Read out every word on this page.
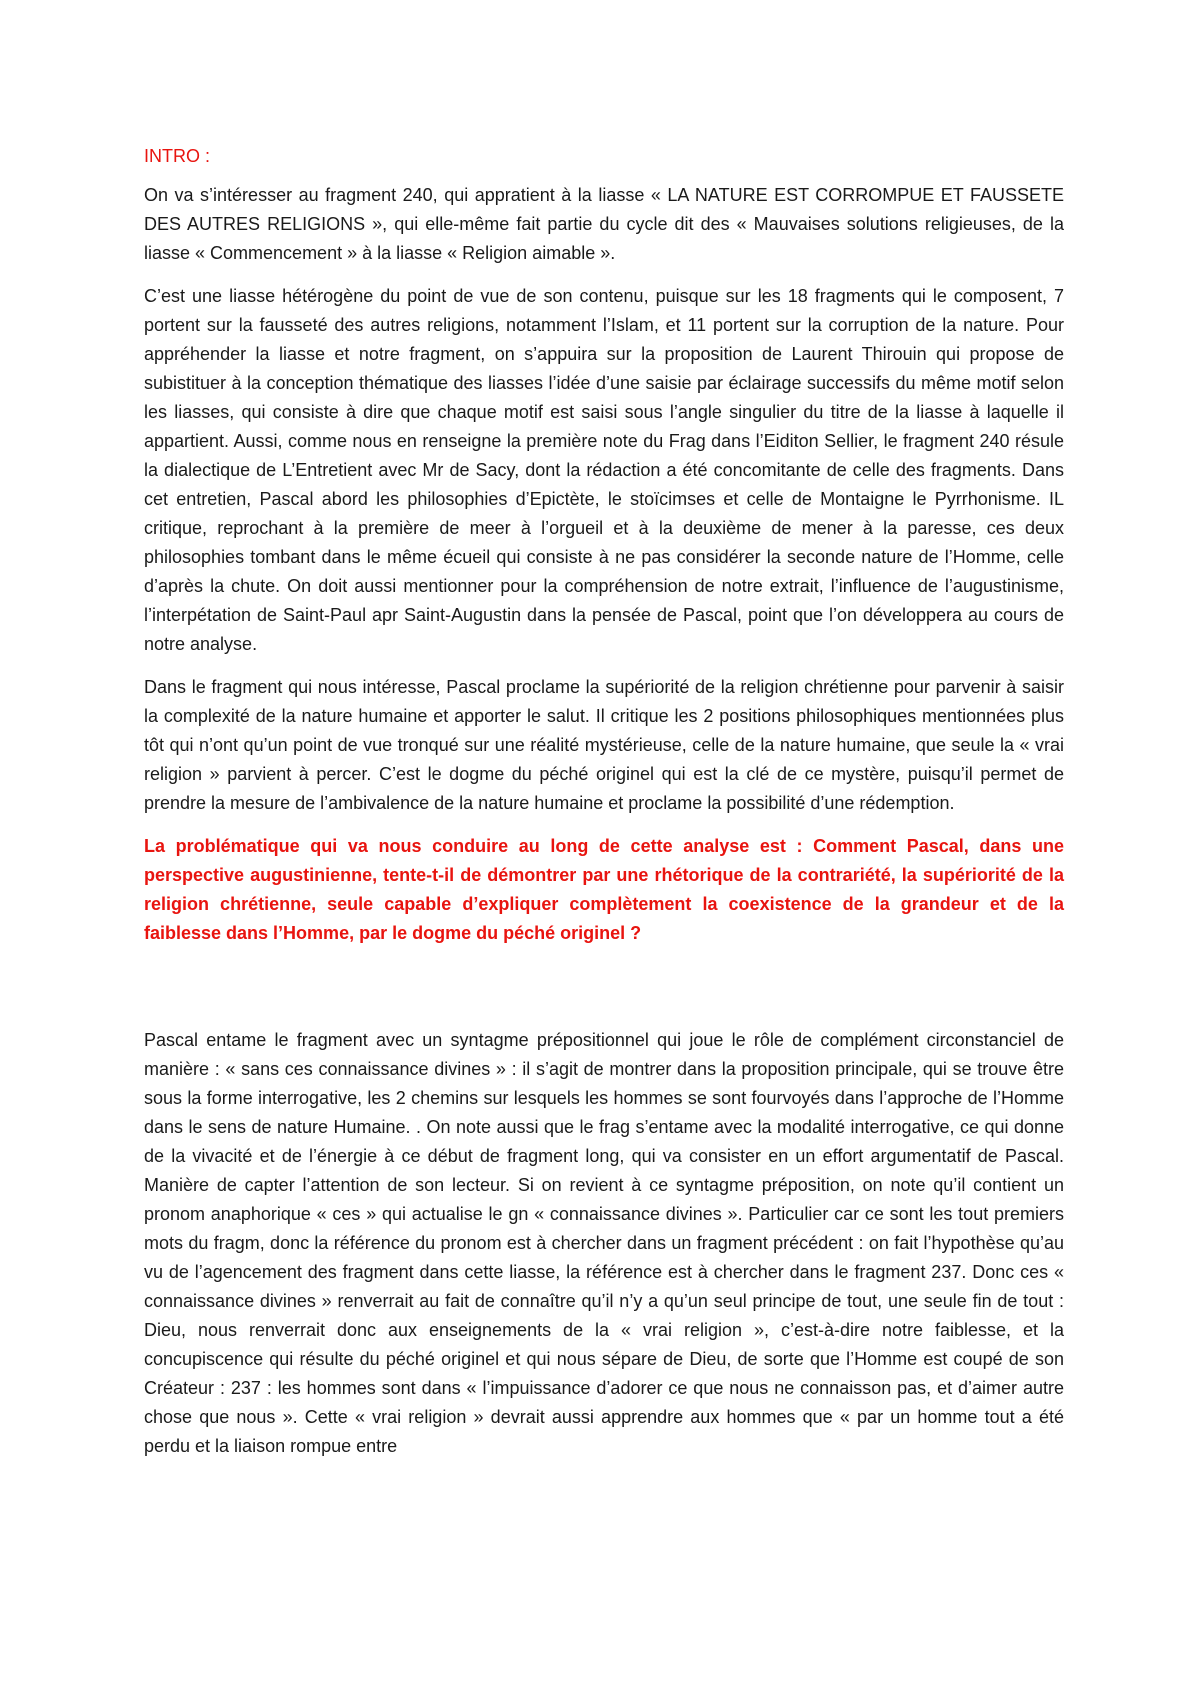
INTRO :

On va s’intéresser au fragment 240, qui appratient à la liasse « LA NATURE EST CORROMPUE ET FAUSSETE DES AUTRES RELIGIONS », qui elle-même fait partie du cycle dit des « Mauvaises solutions religieuses, de la liasse « Commencement » à la liasse « Religion aimable ».

C’est une liasse hétérogène du point de vue de son contenu, puisque sur les 18 fragments qui le composent, 7 portent sur la fausseté des autres religions, notamment l’Islam, et 11 portent sur la corruption de la nature. Pour appréhender la liasse et notre fragment, on s’appuira sur la proposition de Laurent Thirouin qui propose de subistituer à la conception thématique des liasses l’idée d’une saisie par éclairage successifs du même motif selon les liasses, qui consiste à dire que chaque motif est saisi sous l’angle singulier du titre de la liasse à laquelle il appartient. Aussi, comme nous en renseigne la première note du Frag dans l’Eiditon Sellier, le fragment 240 résule la dialectique de L’Entretient avec Mr de Sacy, dont la rédaction a été concomitante de celle des fragments. Dans cet entretien, Pascal abord les philosophies d’Epictète, le stoïcimses et celle de Montaigne le Pyrrhonisme. IL critique, reprochant à la première de meer à l’orgueil et à la deuxième de mener à la paresse, ces deux philosophies tombant dans le même écueil qui consiste à ne pas considérer la seconde nature de l’Homme, celle d’après la chute. On doit aussi mentionner pour la compréhension de notre extrait, l’influence de l’augustinisme, l’interpétation de Saint-Paul apr Saint-Augustin dans la pensée de Pascal, point que l’on développera au cours de notre analyse.

Dans le fragment qui nous intéresse, Pascal proclame la supériorité de la religion chrétienne pour parvenir à saisir la complexité de la nature humaine et apporter le salut. Il critique les 2 positions philosophiques mentionnées plus tôt qui n’ont qu’un point de vue tronqué sur une réalité mystérieuse, celle de la nature humaine, que seule la « vrai religion » parvient à percer. C’est le dogme du péché originel qui est la clé de ce mystère, puisqu’il permet de prendre la mesure de l’ambivalence de la nature humaine et proclame la possibilité d’une rédemption.

La problématique qui va nous conduire au long de cette analyse est : Comment Pascal, dans une perspective augustinienne, tente-t-il de démontrer par une rhétorique de la contrariété, la supériorité de la religion chrétienne, seule capable d’expliquer complètement la coexistence de la grandeur et de la faiblesse dans l’Homme, par le dogme du péché originel ?

Pascal entame le fragment avec un syntagme prépositionnel qui joue le rôle de complément circonstanciel de manière : « sans ces connaissance divines » : il s’agit de montrer dans la proposition principale, qui se trouve être sous la forme interrogative, les 2 chemins sur lesquels les hommes se sont fourvoyés dans l’approche de l’Homme dans le sens de nature Humaine. . On note aussi que le frag s’entame avec la modalité interrogative, ce qui donne de la vivacité et de l’énergie à ce début de fragment long, qui va consister en un effort argumentatif de Pascal. Manière de capter l’attention de son lecteur. Si on revient à ce syntagme préposition, on note qu’il contient un pronom anaphorique « ces » qui actualise le gn « connaissance divines ». Particulier car ce sont les tout premiers mots du fragm, donc la référence du pronom est à chercher dans un fragment précédent : on fait l’hypothèse qu’au vu de l’agencement des fragment dans cette liasse, la référence est à chercher dans le fragment 237. Donc ces « connaissance divines » renverrait au fait de connaître qu’il n’y a qu’un seul principe de tout, une seule fin de tout : Dieu, nous renverrait donc aux enseignements de la « vrai religion », c’est-à-dire notre faiblesse, et la concupiscence qui résulte du péché originel et qui nous sépare de Dieu, de sorte que l’Homme est coupé de son Créateur : 237 : les hommes sont dans « l’impuissance d’adorer ce que nous ne connaisson pas, et d’aimer autre chose que nous ». Cette « vrai religion » devrait aussi apprendre aux hommes que « par un homme tout a été perdu et la liaison rompue entre
